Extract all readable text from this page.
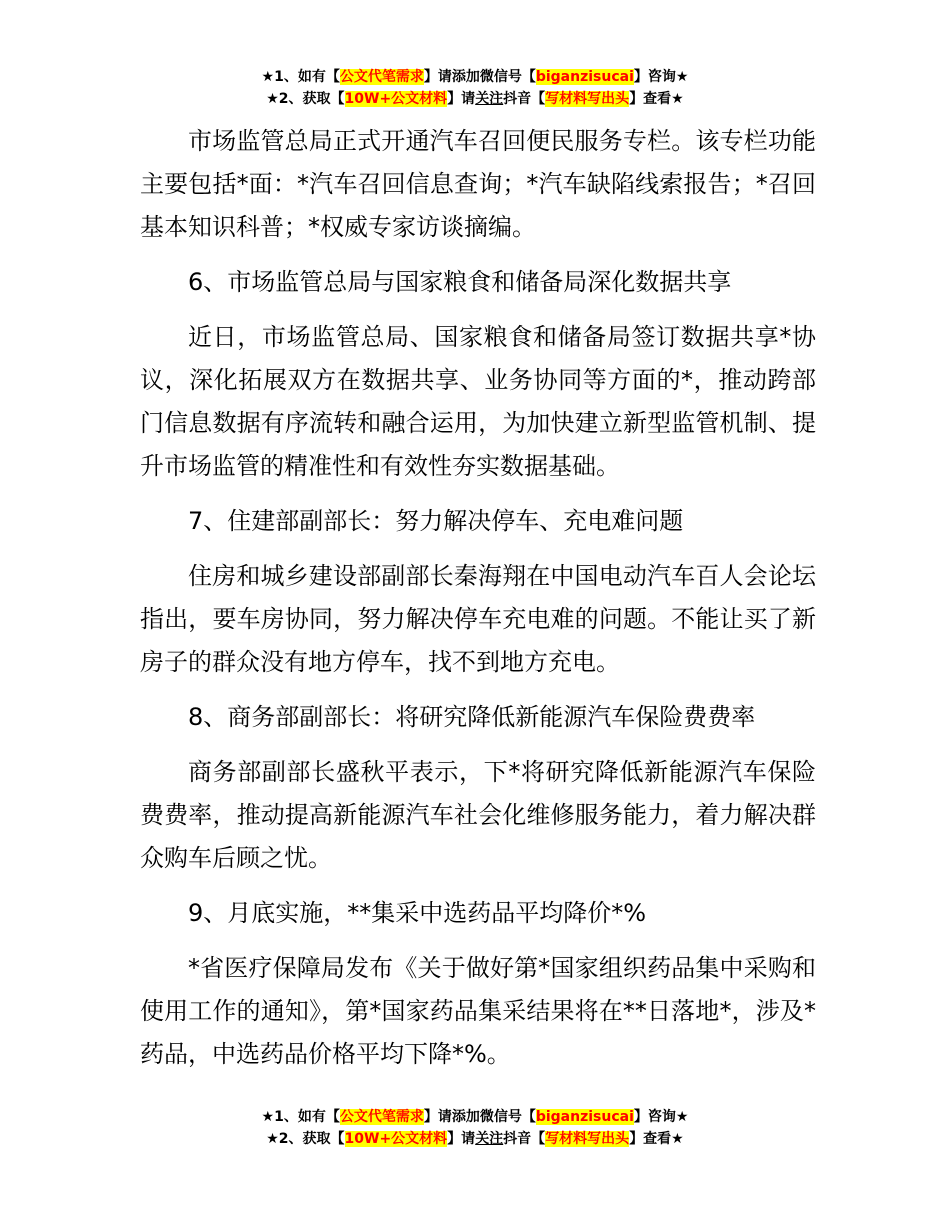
★1、如有【公文代笔需求】请添加微信号【biganzisucai】咨询★
★2、获取【10W+公文材料】请关注抖音【写材料写出头】查看★

市场监管总局正式开通汽车召回便民服务专栏。该专栏功能主要包括*面：*汽车召回信息查询；*汽车缺陷线索报告；*召回基本知识科普；*权威专家访谈摘编。

6、市场监管总局与国家粮食和储备局深化数据共享

近日，市场监管总局、国家粮食和储备局签订数据共享*协议，深化拓展双方在数据共享、业务协同等方面的*，推动跨部门信息数据有序流转和融合运用，为加快建立新型监管机制、提升市场监管的精准性和有效性夯实数据基础。

7、住建部副部长：努力解决停车、充电难问题

住房和城乡建设部副部长秦海翔在中国电动汽车百人会论坛指出，要车房协同，努力解决停车充电难的问题。不能让买了新房子的群众没有地方停车，找不到地方充电。

8、商务部副部长：将研究降低新能源汽车保险费费率

商务部副部长盛秋平表示，下*将研究降低新能源汽车保险费费率，推动提高新能源汽车社会化维修服务能力，着力解决群众购车后顾之忧。

9、月底实施，**集采中选药品平均降价*%

*省医疗保障局发布《关于做好第*国家组织药品集中采购和使用工作的通知》，第*国家药品集采结果将在**日落地*，涉及*药品，中选药品价格平均下降*%。

★1、如有【公文代笔需求】请添加微信号【biganzisucai】咨询★
★2、获取【10W+公文材料】请关注抖音【写材料写出头】查看★
